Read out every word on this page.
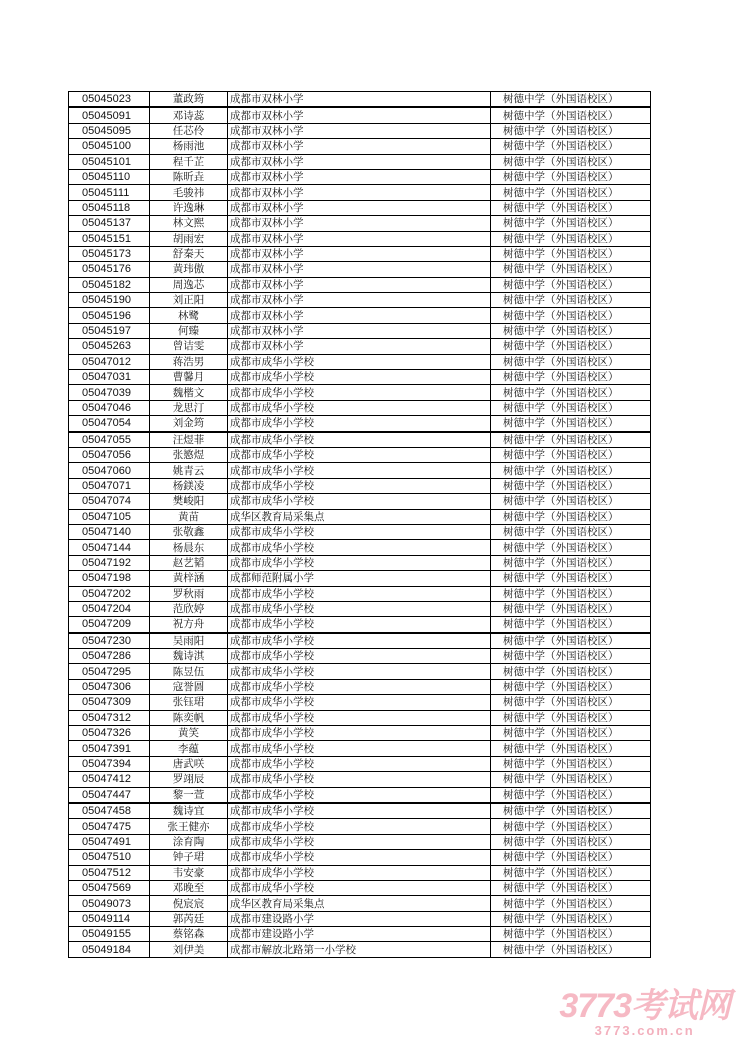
05045023	董政筠	成都市双林小学	树德中学（外国语校区）
05045091	邓诗蕊	成都市双林小学	树德中学（外国语校区）
05045095	任芯伶	成都市双林小学	树德中学（外国语校区）
05045100	杨雨池	成都市双林小学	树德中学（外国语校区）
05045101	程千芷	成都市双林小学	树德中学（外国语校区）
05045110	陈昕垚	成都市双林小学	树德中学（外国语校区）
05045111	毛骏祎	成都市双林小学	树德中学（外国语校区）
05045118	许逸琳	成都市双林小学	树德中学（外国语校区）
05045137	林文熙	成都市双林小学	树德中学（外国语校区）
05045151	胡雨宏	成都市双林小学	树德中学（外国语校区）
05045173	舒秦天	成都市双林小学	树德中学（外国语校区）
05045176	黄玮傲	成都市双林小学	树德中学（外国语校区）
05045182	周逸芯	成都市双林小学	树德中学（外国语校区）
05045190	刘正阳	成都市双林小学	树德中学（外国语校区）
05045196	林鹭	成都市双林小学	树德中学（外国语校区）
05045197	何臻	成都市双林小学	树德中学（外国语校区）
05045263	曾诘雯	成都市双林小学	树德中学（外国语校区）
05047012	蒋浩男	成都市成华小学校	树德中学（外国语校区）
05047031	曹馨月	成都市成华小学校	树德中学（外国语校区）
05047039	魏楷文	成都市成华小学校	树德中学（外国语校区）
05047046	龙思汀	成都市成华小学校	树德中学（外国语校区）
05047054	刘金筠	成都市成华小学校	树德中学（外国语校区）
05047055	汪煜菲	成都市成华小学校	树德中学（外国语校区）
05047056	张慜煜	成都市成华小学校	树德中学（外国语校区）
05047060	姚青云	成都市成华小学校	树德中学（外国语校区）
05047071	杨鎂凌	成都市成华小学校	树德中学（外国语校区）
05047074	樊峻阳	成都市成华小学校	树德中学（外国语校区）
05047105	黄苗	成华区教育局采集点	树德中学（外国语校区）
05047140	张敬鑫	成都市成华小学校	树德中学（外国语校区）
05047144	杨晨东	成都市成华小学校	树德中学（外国语校区）
05047192	赵艺韬	成都市成华小学校	树德中学（外国语校区）
05047198	黄梓涵	成都师范附属小学	树德中学（外国语校区）
05047202	罗秋雨	成都市成华小学校	树德中学（外国语校区）
05047204	范欣婷	成都市成华小学校	树德中学（外国语校区）
05047209	祝方舟	成都市成华小学校	树德中学（外国语校区）
05047230	吴雨阳	成都市成华小学校	树德中学（外国语校区）
05047286	魏诗淇	成都市成华小学校	树德中学（外国语校区）
05047295	陈昱伍	成都市成华小学校	树德中学（外国语校区）
05047306	寇誉圆	成都市成华小学校	树德中学（外国语校区）
05047309	张钰珺	成都市成华小学校	树德中学（外国语校区）
05047312	陈奕帆	成都市成华小学校	树德中学（外国语校区）
05047326	黄笑	成都市成华小学校	树德中学（外国语校区）
05047391	李蕴	成都市成华小学校	树德中学（外国语校区）
05047394	唐武咲	成都市成华小学校	树德中学（外国语校区）
05047412	罗翊辰	成都市成华小学校	树德中学（外国语校区）
05047447	黎一萱	成都市成华小学校	树德中学（外国语校区）
05047458	魏诗宜	成都市成华小学校	树德中学（外国语校区）
05047475	张王健亦	成都市成华小学校	树德中学（外国语校区）
05047491	涂育陶	成都市成华小学校	树德中学（外国语校区）
05047510	钟子珺	成都市成华小学校	树德中学（外国语校区）
05047512	韦安豪	成都市成华小学校	树德中学（外国语校区）
05047569	邓晚至	成都市成华小学校	树德中学（外国语校区）
05049073	倪宸宸	成华区教育局采集点	树德中学（外国语校区）
05049114	郭芮廷	成都市建设路小学	树德中学（外国语校区）
05049155	蔡铭森	成都市建设路小学	树德中学（外国语校区）
05049184	刘伊美	成都市解放北路第一小学校	树德中学（外国语校区）
3773考试网
3773.com.cn
